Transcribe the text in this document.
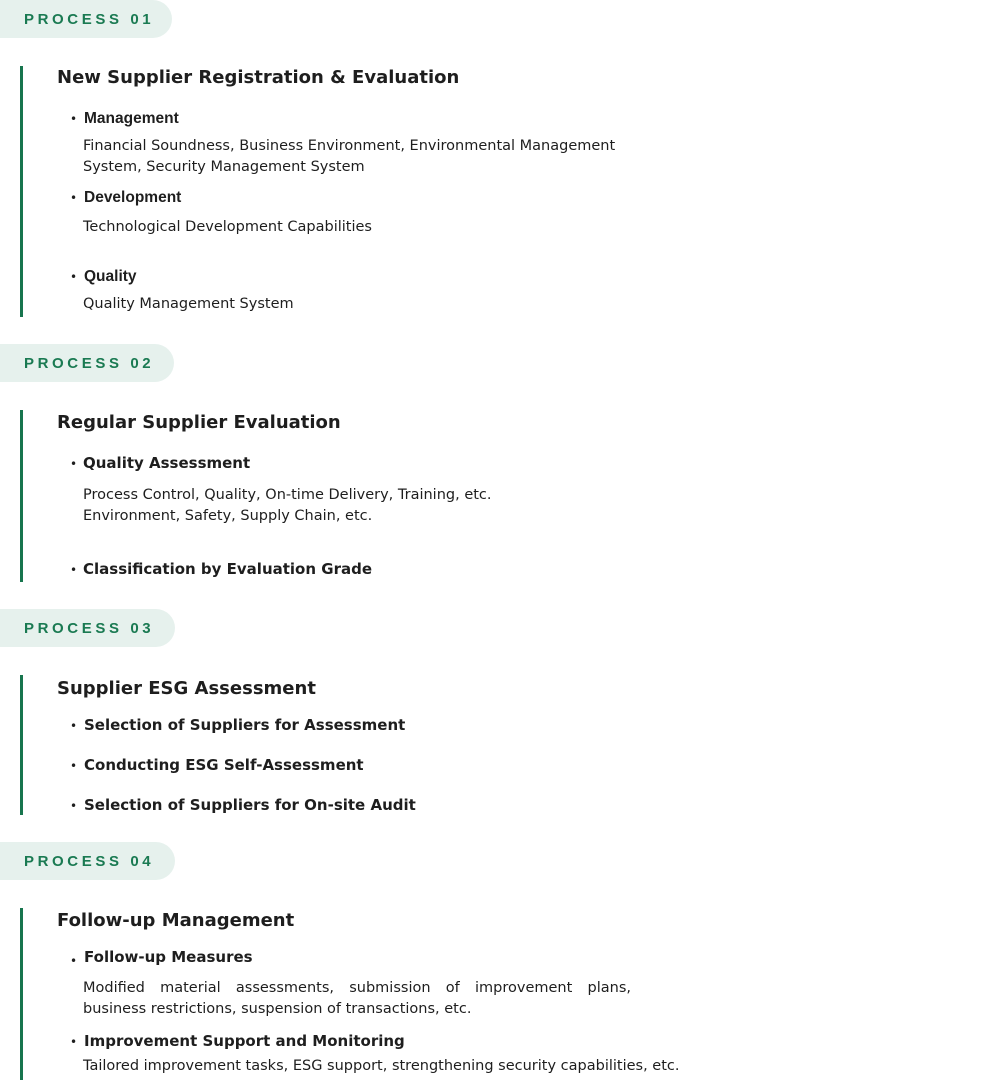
PROCESS 01
New Supplier Registration & Evaluation
• Management
Financial Soundness, Business Environment, Environmental Management System, Security Management System
• Development
Technological Development Capabilities
• Quality
Quality Management System
PROCESS 02
Regular Supplier Evaluation
• Quality Assessment
Process Control, Quality, On-time Delivery, Training, etc.
Environment, Safety, Supply Chain, etc.
• Classification by Evaluation Grade
PROCESS 03
Supplier ESG Assessment
• Selection of Suppliers for Assessment
• Conducting ESG Self-Assessment
• Selection of Suppliers for On-site Audit
PROCESS 04
Follow-up Management
• Follow-up Measures
Modified material assessments, submission of improvement plans, business restrictions, suspension of transactions, etc.
• Improvement Support and Monitoring
Tailored improvement tasks, ESG support, strengthening security capabilities, etc.
